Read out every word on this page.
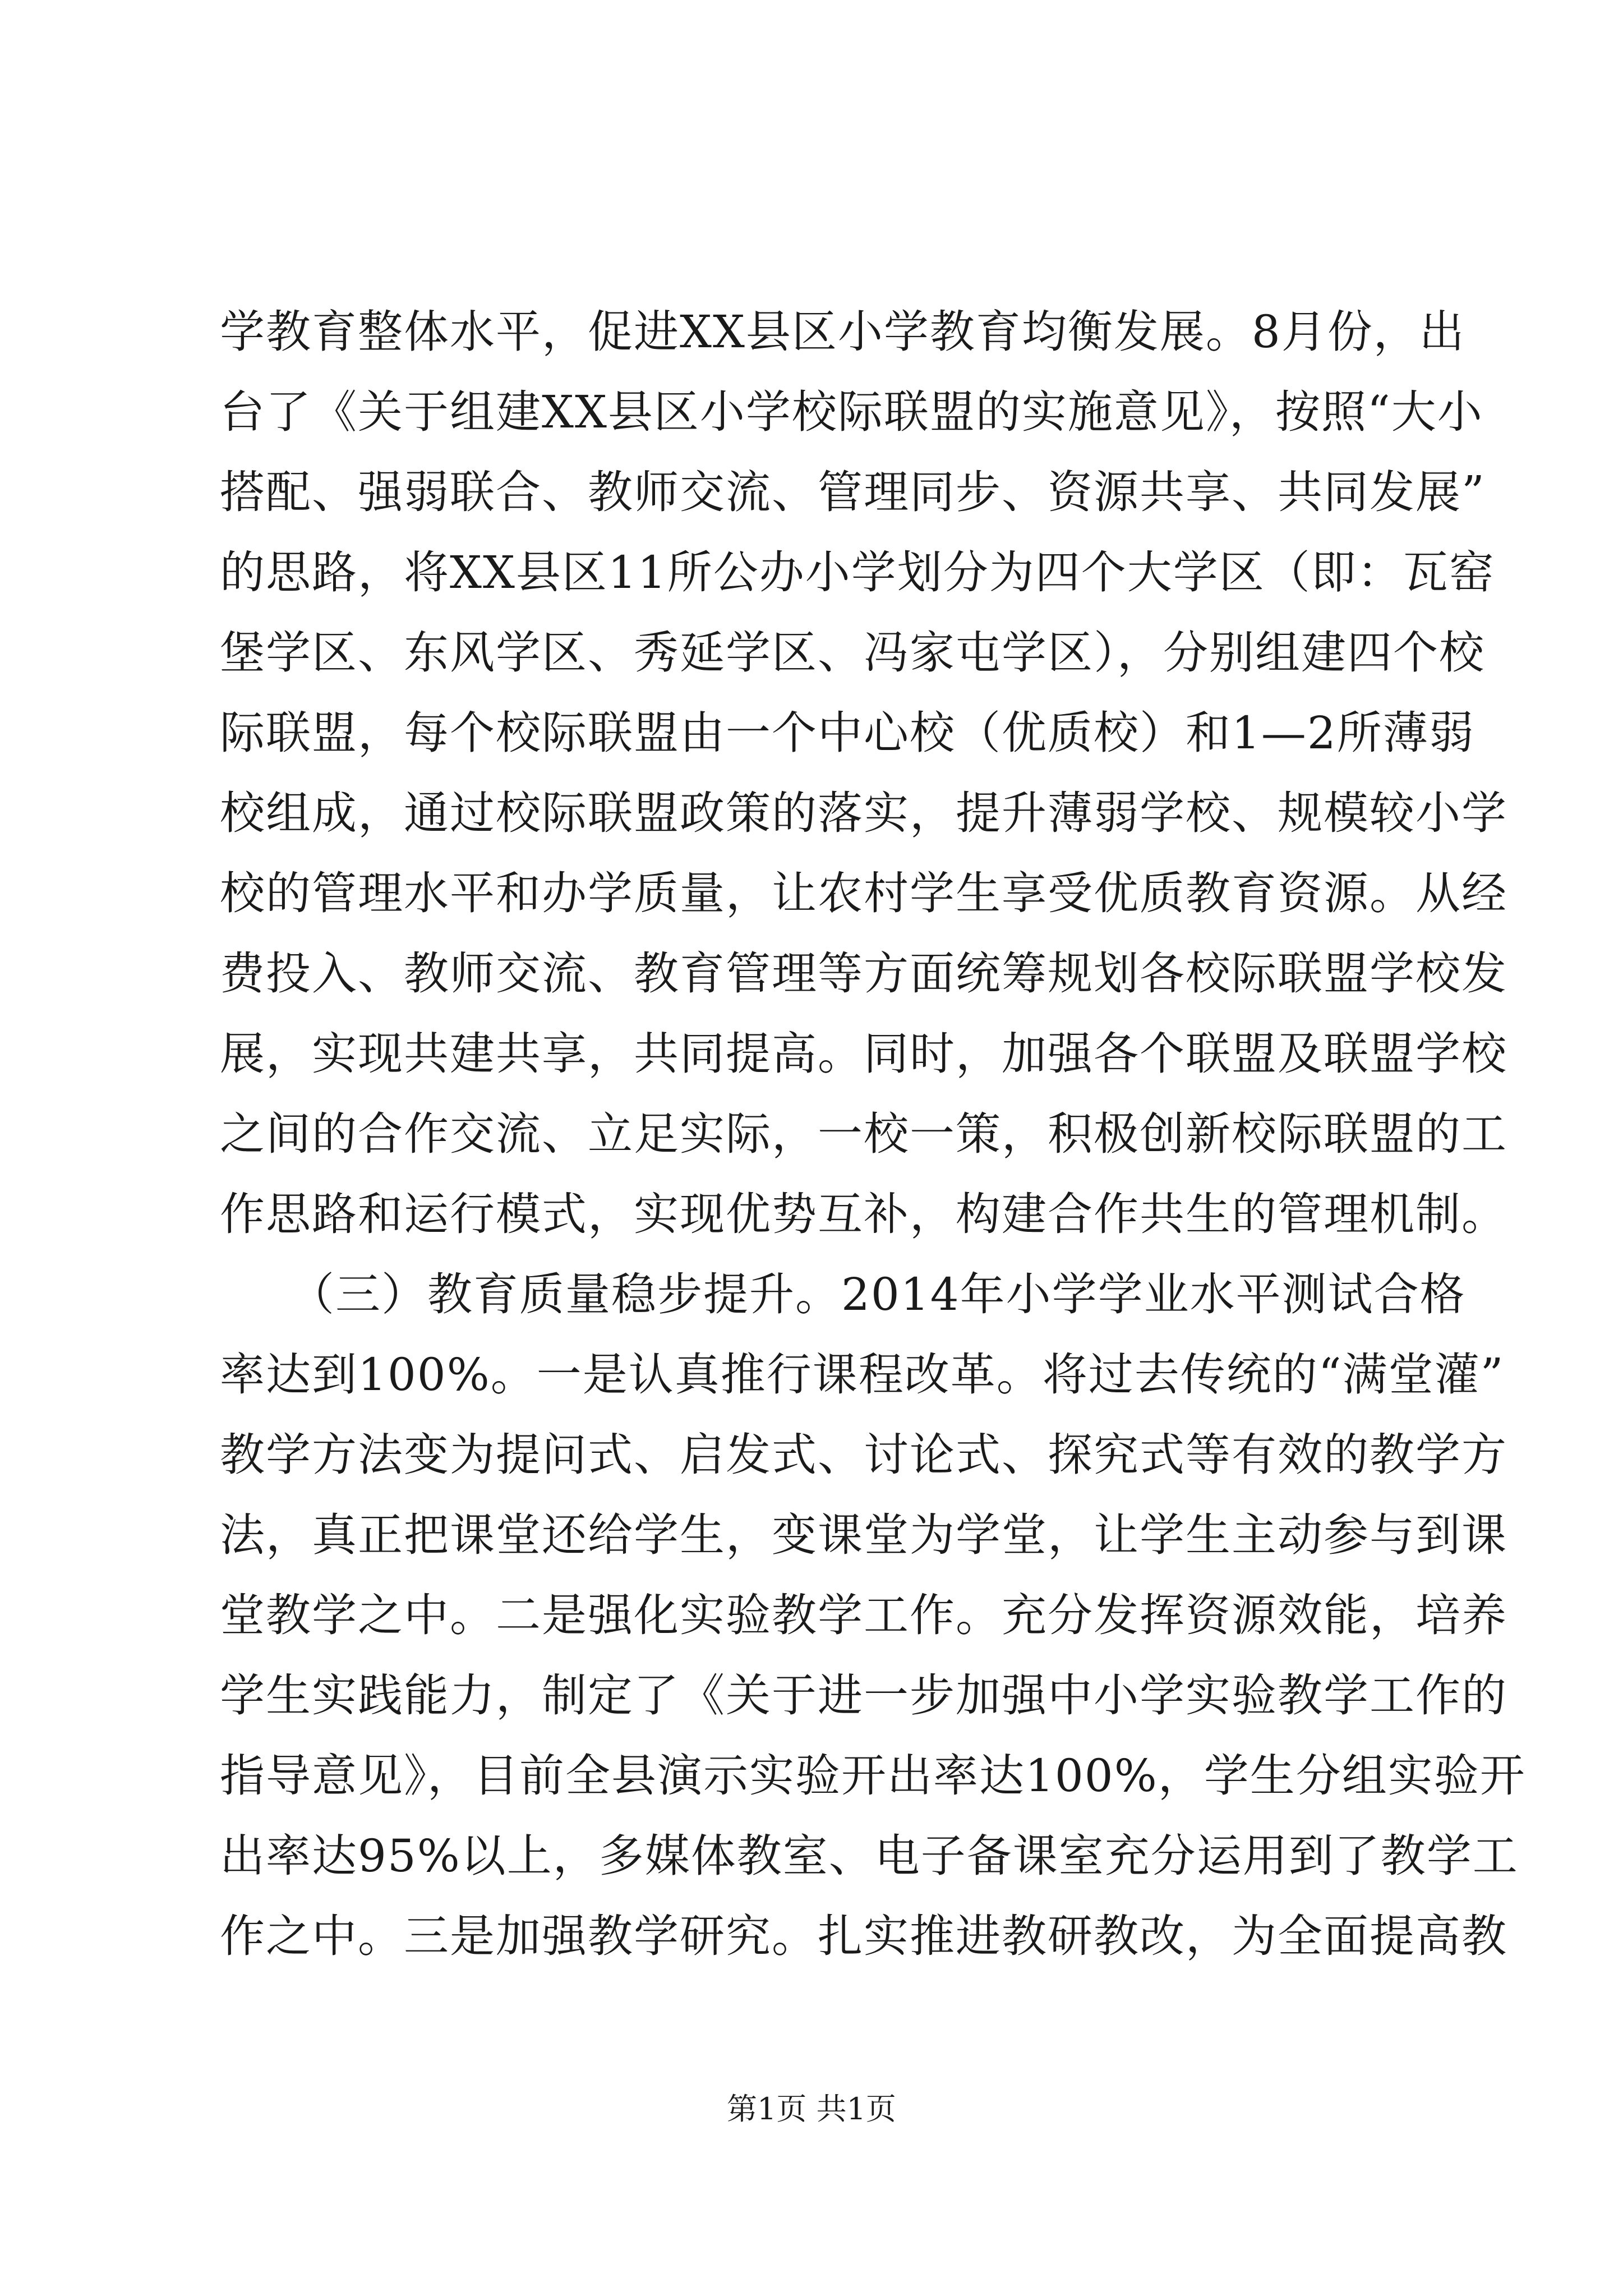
学教育整体水平，促进XX县区小学教育均衡发展。8月份，出
台了《关于组建XX县区小学校际联盟的实施意见》，按照“大小
搭配、强弱联合、教师交流、管理同步、资源共享、共同发展”
的思路，将XX县区11所公办小学划分为四个大学区（即：瓦窑
堡学区、东风学区、秀延学区、冯家屯学区），分别组建四个校
际联盟，每个校际联盟由一个中心校（优质校）和1—2所薄弱
校组成，通过校际联盟政策的落实，提升薄弱学校、规模较小学
校的管理水平和办学质量，让农村学生享受优质教育资源。从经
费投入、教师交流、教育管理等方面统筹规划各校际联盟学校发
展，实现共建共享，共同提高。同时，加强各个联盟及联盟学校
之间的合作交流、立足实际，一校一策，积极创新校际联盟的工
作思路和运行模式，实现优势互补，构建合作共生的管理机制。
　　（三）教育质量稳步提升。2014年小学学业水平测试合格
率达到100%。一是认真推行课程改革。将过去传统的“满堂灌”
教学方法变为提问式、启发式、讨论式、探究式等有效的教学方
法，真正把课堂还给学生，变课堂为学堂，让学生主动参与到课
堂教学之中。二是强化实验教学工作。充分发挥资源效能，培养
学生实践能力，制定了《关于进一步加强中小学实验教学工作的
指导意见》，目前全县演示实验开出率达100%，学生分组实验开
出率达95%以上，多媒体教室、电子备课室充分运用到了教学工
作之中。三是加强教学研究。扎实推进教研教改，为全面提高教
第1页 共1页
